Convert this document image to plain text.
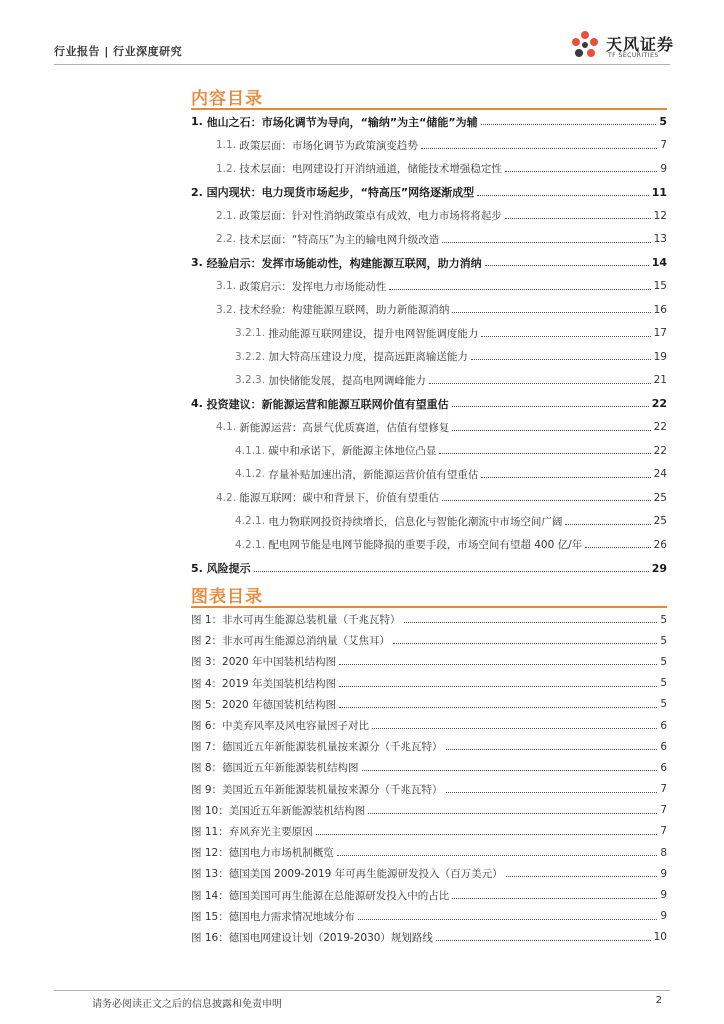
行业报告 | 行业深度研究	天风证券
TF SECURITIES
内容目录
1. 他山之石：市场化调节为导向，“输纳”为主“储能”为辅	5
1.1. 政策层面：市场化调节为政策演变趋势	7
1.2. 技术层面：电网建设打开消纳通道，储能技术增强稳定性	9
2. 国内现状：电力现货市场起步，“特高压”网络逐渐成型	11
2.1. 政策层面：针对性消纳政策卓有成效，电力市场将将起步	12
2.2. 技术层面：“特高压”为主的输电网升级改造	13
3. 经验启示：发挥市场能动性，构建能源互联网，助力消纳	14
3.1. 政策启示：发挥电力市场能动性	15
3.2. 技术经验：构建能源互联网，助力新能源消纳	16
3.2.1. 推动能源互联网建设，提升电网智能调度能力	17
3.2.2. 加大特高压建设力度，提高远距离输送能力	19
3.2.3. 加快储能发展，提高电网调峰能力	21
4. 投资建议：新能源运营和能源互联网价值有望重估	22
4.1. 新能源运营：高景气优质赛道，估值有望修复	22
4.1.1. 碳中和承诺下，新能源主体地位凸显	22
4.1.2. 存量补贴加速出清，新能源运营价值有望重估	24
4.2. 能源互联网：碳中和背景下，价值有望重估	25
4.2.1. 电力物联网投资持续增长，信息化与智能化潮流中市场空间广阔	25
4.2.1. 配电网节能是电网节能降损的重要手段，市场空间有望超 400 亿/年	26
5. 风险提示	29
图表目录
图 1：非水可再生能源总装机量（千兆瓦特）	5
图 2：非水可再生能源总消纳量（艾焦耳）	5
图 3：2020 年中国装机结构图	5
图 4：2019 年美国装机结构图	5
图 5：2020 年德国装机结构图	5
图 6：中美弃风率及风电容量因子对比	6
图 7：德国近五年新能源装机量按来源分（千兆瓦特）	6
图 8：德国近五年新能源装机结构图	6
图 9：美国近五年新能源装机量按来源分（千兆瓦特）	7
图 10：美国近五年新能源装机结构图	7
图 11：弃风弃光主要原因	7
图 12：德国电力市场机制概览	8
图 13：德国美国 2009-2019 年可再生能源研发投入（百万美元）	9
图 14：德国美国可再生能源在总能源研发投入中的占比	9
图 15：德国电力需求情况地域分布	9
图 16：德国电网建设计划（2019-2030）规划路线	10
请务必阅读正文之后的信息披露和免责申明	2
